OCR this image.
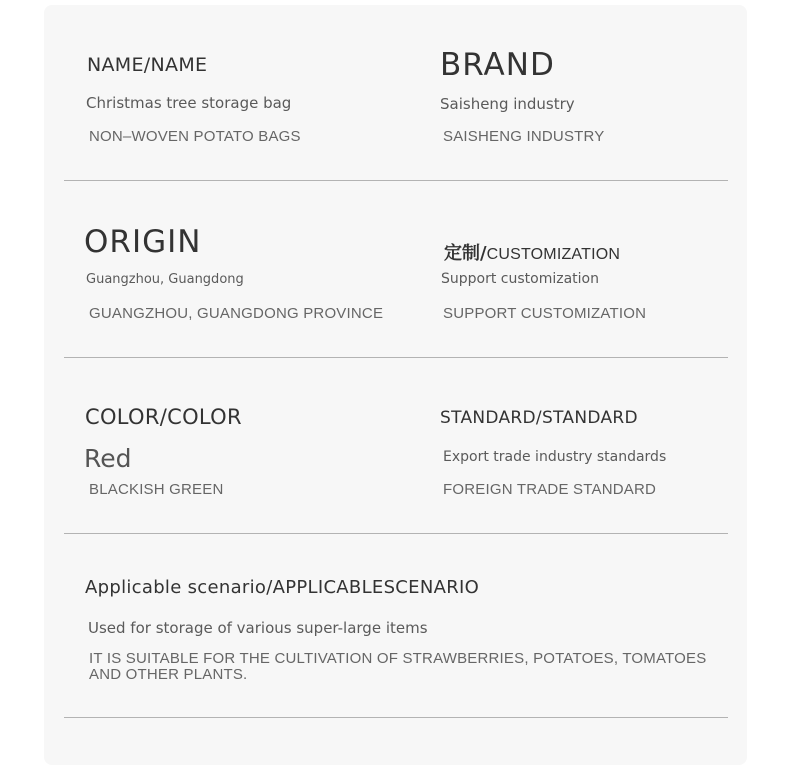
NAME/NAME
Christmas tree storage bag
NON–WOVEN POTATO BAGS
BRAND
Saisheng industry
SAISHENG INDUSTRY
ORIGIN
Guangzhou, Guangdong
GUANGZHOU, GUANGDONG PROVINCE
定制/CUSTOMIZATION
Support customization
SUPPORT CUSTOMIZATION
COLOR/COLOR
Red
BLACKISH GREEN
STANDARD/STANDARD
Export trade industry standards
FOREIGN TRADE STANDARD
Applicable scenario/APPLICABLESCENARIO
Used for storage of various super-large items
IT IS SUITABLE FOR THE CULTIVATION OF STRAWBERRIES, POTATOES, TOMATOES AND OTHER PLANTS.
